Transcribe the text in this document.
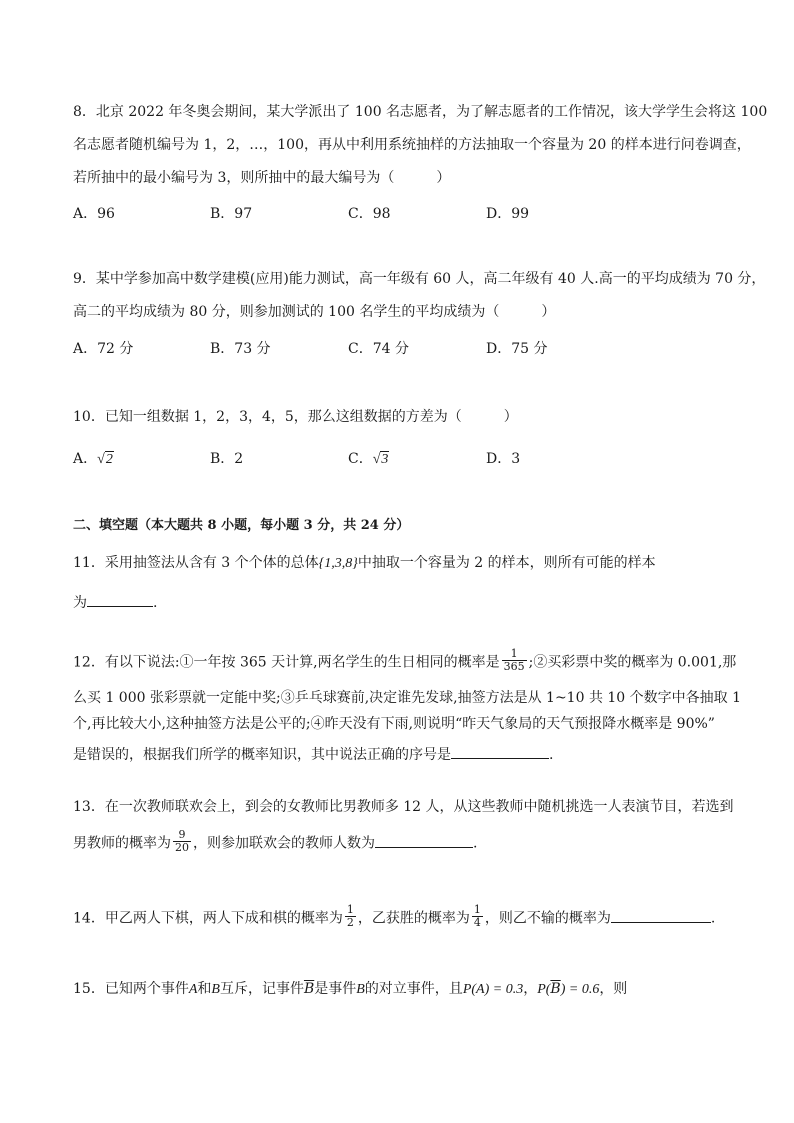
8．北京 2022 年冬奥会期间，某大学派出了 100 名志愿者，为了解志愿者的工作情况，该大学学生会将这 100
名志愿者随机编号为 1，2，…，100，再从中利用系统抽样的方法抽取一个容量为 20 的样本进行问卷调查，
若所抽中的最小编号为 3，则所抽中的最大编号为（　　　）
A．96	B．97	C．98	D．99
9．某中学参加高中数学建模(应用)能力测试，高一年级有 60 人，高二年级有 40 人.高一的平均成绩为 70 分，
高二的平均成绩为 80 分，则参加测试的 100 名学生的平均成绩为（　　　）
A．72 分	B．73 分	C．74 分	D．75 分
10．已知一组数据 1，2，3，4，5，那么这组数据的方差为（　　　）
A．√2	B．2	C．√3	D．3
二、填空题（本大题共 8 小题，每小题 3 分，共 24 分）
11．采用抽签法从含有 3 个个体的总体{1,3,8}中抽取一个容量为 2 的样本，则所有可能的样本
为	.
12．有以下说法:①一年按 365 天计算,两名学生的生日相同的概率是 $\frac{1}{365}$ ;②买彩票中奖的概率为 0.001,那
么买 1 000 张彩票就一定能中奖;③乒乓球赛前,决定谁先发球,抽签方法是从 1~10 共 10 个数字中各抽取 1
个,再比较大小,这种抽签方法是公平的;④昨天没有下雨,则说明“昨天气象局的天气预报降水概率是 90%”
是错误的，根据我们所学的概率知识，其中说法正确的序号是	.
13．在一次教师联欢会上，到会的女教师比男教师多 12 人，从这些教师中随机挑选一人表演节目，若选到
男教师的概率为 $\frac{9}{20}$ ，则参加联欢会的教师人数为	.
14．甲乙两人下棋，两人下成和棋的概率为 $\frac{1}{2}$ ，乙获胜的概率为 $\frac{1}{4}$ ，则乙不输的概率为	.
15．已知两个事件A和B互斥，记事件$\overline{B}$是事件B的对立事件，且P(A) = 0.3，$P(\overline{B}) = 0.6$，则
